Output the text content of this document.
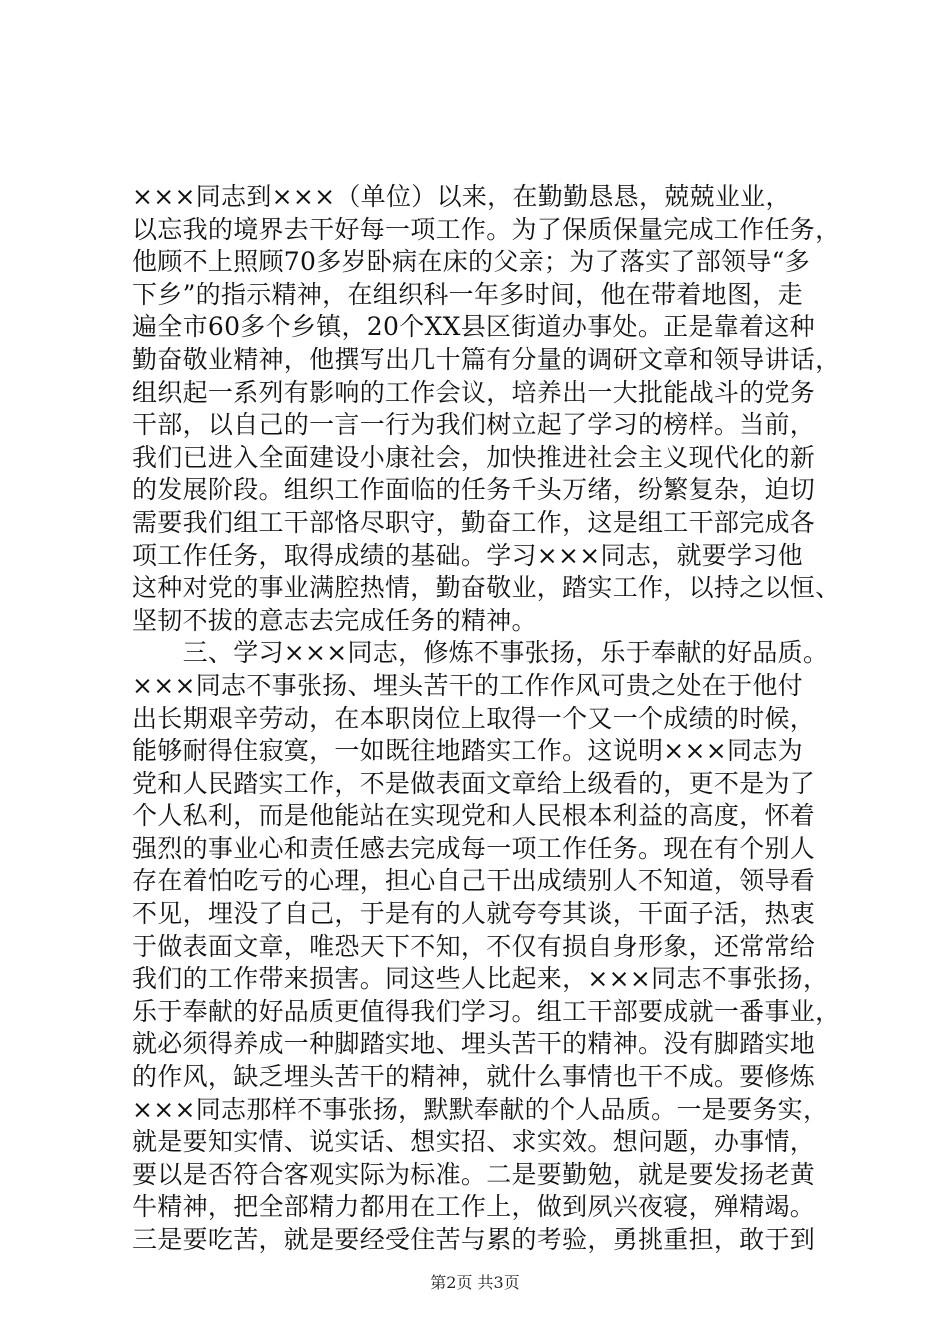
×××同志到×××（单位）以来，在勤勤恳恳，兢兢业业，
以忘我的境界去干好每一项工作。为了保质保量完成工作任务，
他顾不上照顾70多岁卧病在床的父亲；为了落实了部领导“多
下乡”的指示精神，在组织科一年多时间，他在带着地图，走
遍全市60多个乡镇，20个XX县区街道办事处。正是靠着这种
勤奋敬业精神，他撰写出几十篇有分量的调研文章和领导讲话，
组织起一系列有影响的工作会议，培养出一大批能战斗的党务
干部，以自己的一言一行为我们树立起了学习的榜样。当前，
我们已进入全面建设小康社会，加快推进社会主义现代化的新
的发展阶段。组织工作面临的任务千头万绪，纷繁复杂，迫切
需要我们组工干部恪尽职守，勤奋工作，这是组工干部完成各
项工作任务，取得成绩的基础。学习×××同志，就要学习他
这种对党的事业满腔热情，勤奋敬业，踏实工作，以持之以恒、
坚韧不拔的意志去完成任务的精神。
　　三、学习×××同志，修炼不事张扬，乐于奉献的好品质。
×××同志不事张扬、埋头苦干的工作作风可贵之处在于他付
出长期艰辛劳动，在本职岗位上取得一个又一个成绩的时候，
能够耐得住寂寞，一如既往地踏实工作。这说明×××同志为
党和人民踏实工作，不是做表面文章给上级看的，更不是为了
个人私利，而是他能站在实现党和人民根本利益的高度，怀着
强烈的事业心和责任感去完成每一项工作任务。现在有个别人
存在着怕吃亏的心理，担心自己干出成绩别人不知道，领导看
不见，埋没了自己，于是有的人就夸夸其谈，干面子活，热衷
于做表面文章，唯恐天下不知，不仅有损自身形象，还常常给
我们的工作带来损害。同这些人比起来，×××同志不事张扬，
乐于奉献的好品质更值得我们学习。组工干部要成就一番事业，
就必须得养成一种脚踏实地、埋头苦干的精神。没有脚踏实地
的作风，缺乏埋头苦干的精神，就什么事情也干不成。要修炼
×××同志那样不事张扬，默默奉献的个人品质。一是要务实，
就是要知实情、说实话、想实招、求实效。想问题，办事情，
要以是否符合客观实际为标准。二是要勤勉，就是要发扬老黄
牛精神，把全部精力都用在工作上，做到夙兴夜寝，殚精竭。
三是要吃苦，就是要经受住苦与累的考验，勇挑重担，敢于到
第2页 共3页
